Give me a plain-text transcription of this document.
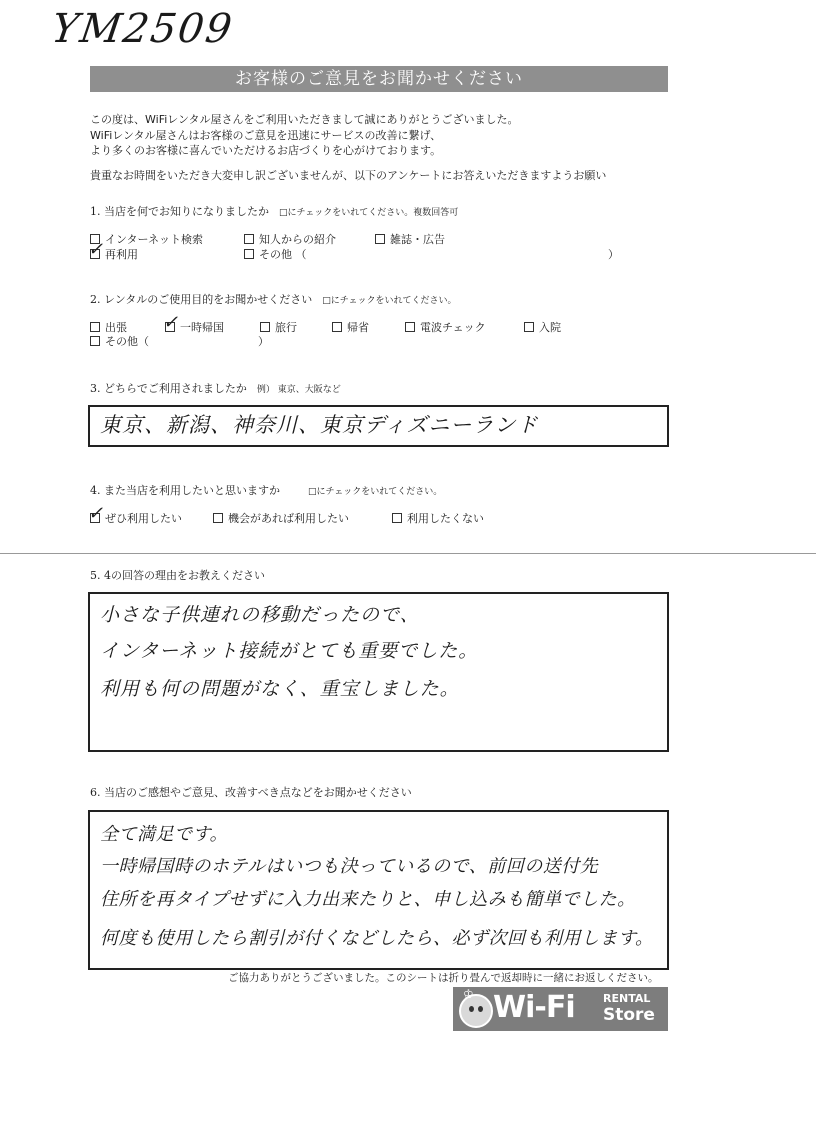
YM2509
お客様のご意見をお聞かせください
この度は、WiFiレンタル屋さんをご利用いただきまして誠にありがとうございました。
WiFiレンタル屋さんはお客様のご意見を迅速にサービスの改善に繋げ、
より多くのお客様に喜んでいただけるお店づくりを心がけております。
貴重なお時間をいただき大変申し訳ございませんが、以下のアンケートにお答えいただきますようお願い
1. 当店を何でお知りになりましたか □にチェックをいれてください。複数回答可
インターネット検索	知人からの紹介	雑誌・広告
✓ 再利用	その他 （	）
2. レンタルのご使用目的をお聞かせください □にチェックをいれてください。
出張 ✓ 一時帰国	旅行	帰省	電波チェック	入院
その他（	）
3. どちらでご利用されましたか 例） 東京、大阪など
東京、新潟、神奈川、東京ディズニーランド
4. また当店を利用したいと思いますか	□にチェックをいれてください。
✓ ぜひ利用したい	機会があれば利用したい	利用したくない
5. 4の回答の理由をお教えください
小さな子供連れの移動だったので、
インターネット接続がとても重要でした。
利用も何の問題がなく、重宝しました。
6. 当店のご感想やご意見、改善すべき点などをお聞かせください
全て満足です。
一時帰国時のホテルはいつも決っているので、前回の送付先
住所を再タイプせずに入力出来たりと、申し込みも簡単でした。
何度も使用したら割引が付くなどしたら、必ず次回も利用します。
ご協力ありがとうございました。このシートは折り畳んで返却時に一緒にお返しください。
♔ Wi-Fi	RENTAL
Store
